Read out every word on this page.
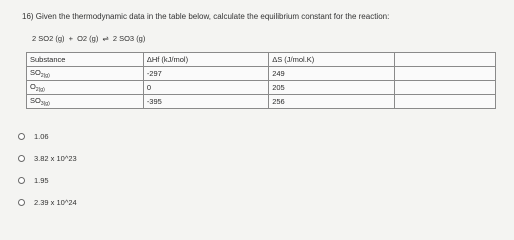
16) Given the thermodynamic data in the table below, calculate the equilibrium constant for the reaction:
2 SO2 (g) + O2 (g) ⇌ 2 SO3 (g)
Substance	ΔHf (kJ/mol)	ΔS (J/mol.K)	
$SO_{2(g)}$	-297	249	
$O_{2(g)}$	0	205	
$SO_{3(g)}$	-395	256	
1.06
3.82 x 10^23
1.95
2.39 x 10^24
